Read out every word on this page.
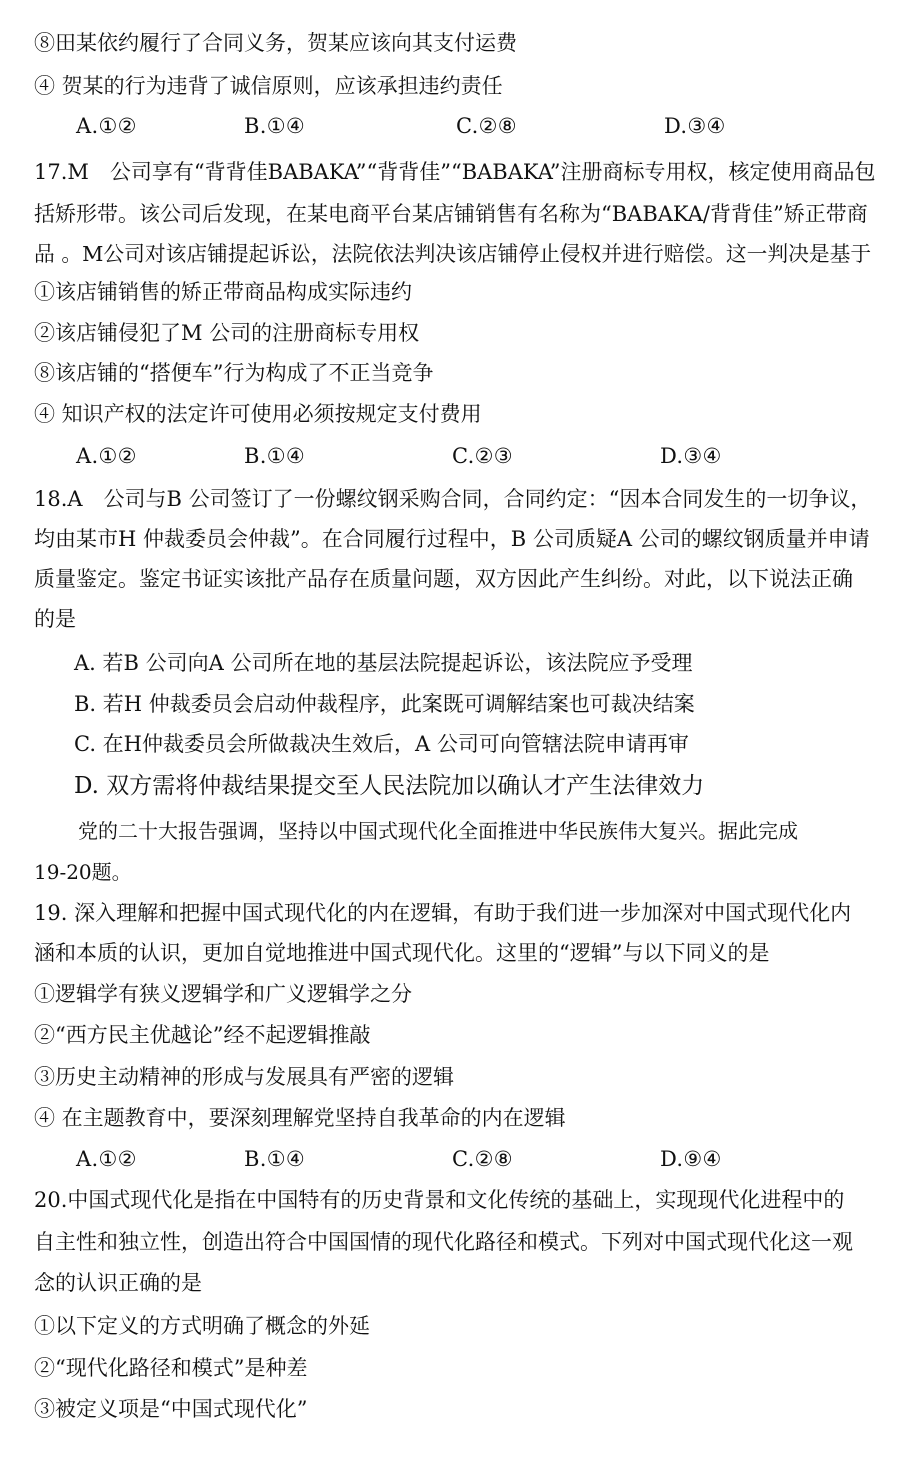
⑧田某依约履行了合同义务，贺某应该向其支付运费
④ 贺某的行为违背了诚信原则，应该承担违约责任
A.①②	B.①④	C.②⑧	D.③④
17.M　公司享有“背背佳BABAKA”“背背佳”“BABAKA”注册商标专用权，核定使用商品包
括矫形带。该公司后发现，在某电商平台某店铺销售有名称为“BABAKA/背背佳”矫正带商
品 。M公司对该店铺提起诉讼，法院依法判决该店铺停止侵权并进行赔偿。这一判决是基于
①该店铺销售的矫正带商品构成实际违约
②该店铺侵犯了M 公司的注册商标专用权
⑧该店铺的“搭便车”行为构成了不正当竞争
④ 知识产权的法定许可使用必须按规定支付费用
A.①②	B.①④	C.②③	D.③④
18.A　公司与B 公司签订了一份螺纹钢采购合同，合同约定：“因本合同发生的一切争议，
均由某市H 仲裁委员会仲裁”。在合同履行过程中，B 公司质疑A 公司的螺纹钢质量并申请
质量鉴定。鉴定书证实该批产品存在质量问题，双方因此产生纠纷。对此，以下说法正确
的是
A. 若B 公司向A 公司所在地的基层法院提起诉讼，该法院应予受理
B. 若H 仲裁委员会启动仲裁程序，此案既可调解结案也可裁决结案
C. 在H仲裁委员会所做裁决生效后，A 公司可向管辖法院申请再审
D. 双方需将仲裁结果提交至人民法院加以确认才产生法律效力
党的二十大报告强调，坚持以中国式现代化全面推进中华民族伟大复兴。据此完成
19-20题。
19. 深入理解和把握中国式现代化的内在逻辑，有助于我们进一步加深对中国式现代化内
涵和本质的认识，更加自觉地推进中国式现代化。这里的“逻辑”与以下同义的是
①逻辑学有狭义逻辑学和广义逻辑学之分
②“西方民主优越论”经不起逻辑推敲
③历史主动精神的形成与发展具有严密的逻辑
④ 在主题教育中，要深刻理解党坚持自我革命的内在逻辑
A.①②	B.①④	C.②⑧	D.⑨④
20.中国式现代化是指在中国特有的历史背景和文化传统的基础上，实现现代化进程中的
自主性和独立性，创造出符合中国国情的现代化路径和模式。下列对中国式现代化这一观
念的认识正确的是
①以下定义的方式明确了概念的外延
②“现代化路径和模式”是种差
③被定义项是“中国式现代化”
